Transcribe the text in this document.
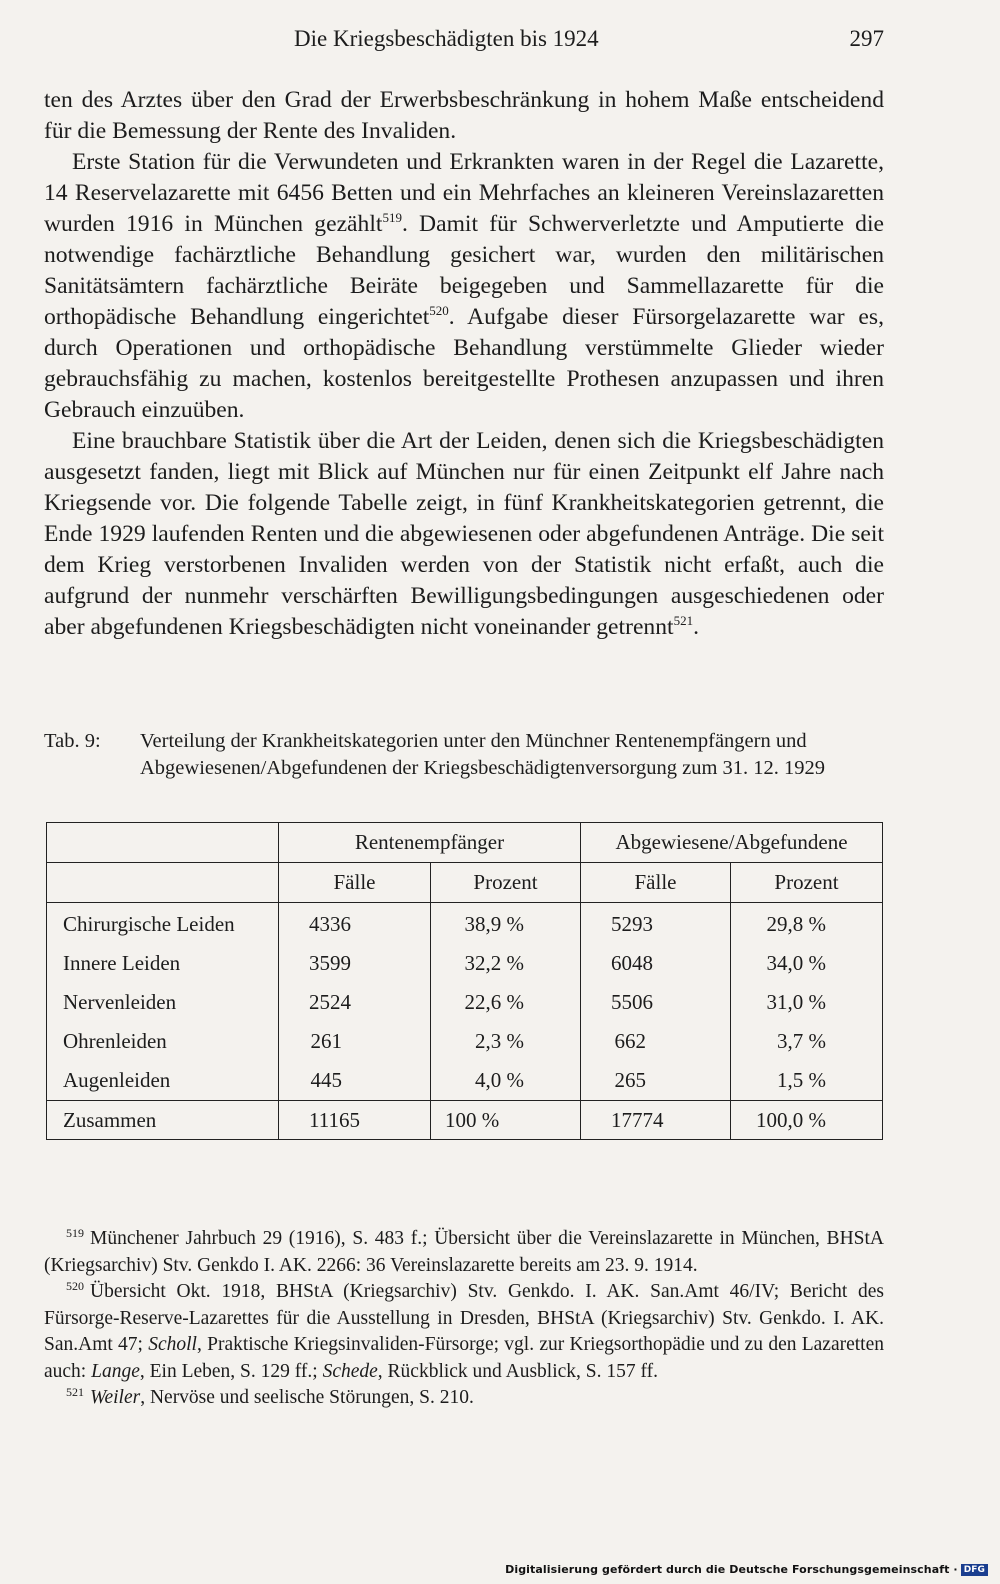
Die Kriegsbeschädigten bis 1924	297

ten des Arztes über den Grad der Erwerbsbeschränkung in hohem Maße entscheidend für die Bemessung der Rente des Invaliden.

Erste Station für die Verwundeten und Erkrankten waren in der Regel die Lazarette, 14 Reservelazarette mit 6456 Betten und ein Mehrfaches an kleineren Vereinslazaretten wurden 1916 in München gezählt$^{519}$. Damit für Schwerverletzte und Amputierte die notwendige fachärztliche Behandlung gesichert war, wurden den militärischen Sanitätsämtern fachärztliche Beiräte beigegeben und Sammellazarette für die orthopädische Behandlung eingerichtet$^{520}$. Aufgabe dieser Fürsorgelazarette war es, durch Operationen und orthopädische Behandlung verstümmelte Glieder wieder gebrauchsfähig zu machen, kostenlos bereitgestellte Prothesen anzupassen und ihren Gebrauch einzuüben.

Eine brauchbare Statistik über die Art der Leiden, denen sich die Kriegsbeschädigten ausgesetzt fanden, liegt mit Blick auf München nur für einen Zeitpunkt elf Jahre nach Kriegsende vor. Die folgende Tabelle zeigt, in fünf Krankheitskategorien getrennt, die Ende 1929 laufenden Renten und die abgewiesenen oder abgefundenen Anträge. Die seit dem Krieg verstorbenen Invaliden werden von der Statistik nicht erfaßt, auch die aufgrund der nunmehr verschärften Bewilligungsbedingungen ausgeschiedenen oder aber abgefundenen Kriegsbeschädigten nicht voneinander getrennt$^{521}$.

Tab. 9: Verteilung der Krankheitskategorien unter den Münchner Rentenempfängern und Abgewiesenen/Abgefundenen der Kriegsbeschädigtenversorgung zum 31. 12. 1929
	Rentenempfänger		Abgewiesene/Abgefundene	
	Fälle	Prozent	Fälle	Prozent
Chirurgische Leiden	4336	38,9 %	5293	29,8 %
Innere Leiden	3599	32,2 %	6048	34,0 %
Nervenleiden	2524	22,6 %	5506	31,0 %
Ohrenleiden	261	2,3 %	662	3,7 %
Augenleiden	445	4,0 %	265	1,5 %
Zusammen	11165	100 %	17774	100,0 %

$^{519}$ Münchener Jahrbuch 29 (1916), S. 483 f.; Übersicht über die Vereinslazarette in München, BHStA (Kriegsarchiv) Stv. Genkdo I. AK. 2266: 36 Vereinslazarette bereits am 23. 9. 1914.

$^{520}$ Übersicht Okt. 1918, BHStA (Kriegsarchiv) Stv. Genkdo. I. AK. San.Amt 46/IV; Bericht des Fürsorge-Reserve-Lazarettes für die Ausstellung in Dresden, BHStA (Kriegsarchiv) Stv. Genkdo. I. AK. San.Amt 47; Scholl, Praktische Kriegsinvaliden-Fürsorge; vgl. zur Kriegsorthopädie und zu den Lazaretten auch: Lange, Ein Leben, S. 129 ff.; Schede, Rückblick und Ausblick, S. 157 ff.

$^{521}$ Weiler, Nervöse und seelische Störungen, S. 210.

Digitalisierung gefördert durch die Deutsche Forschungsgemeinschaft · DFG
